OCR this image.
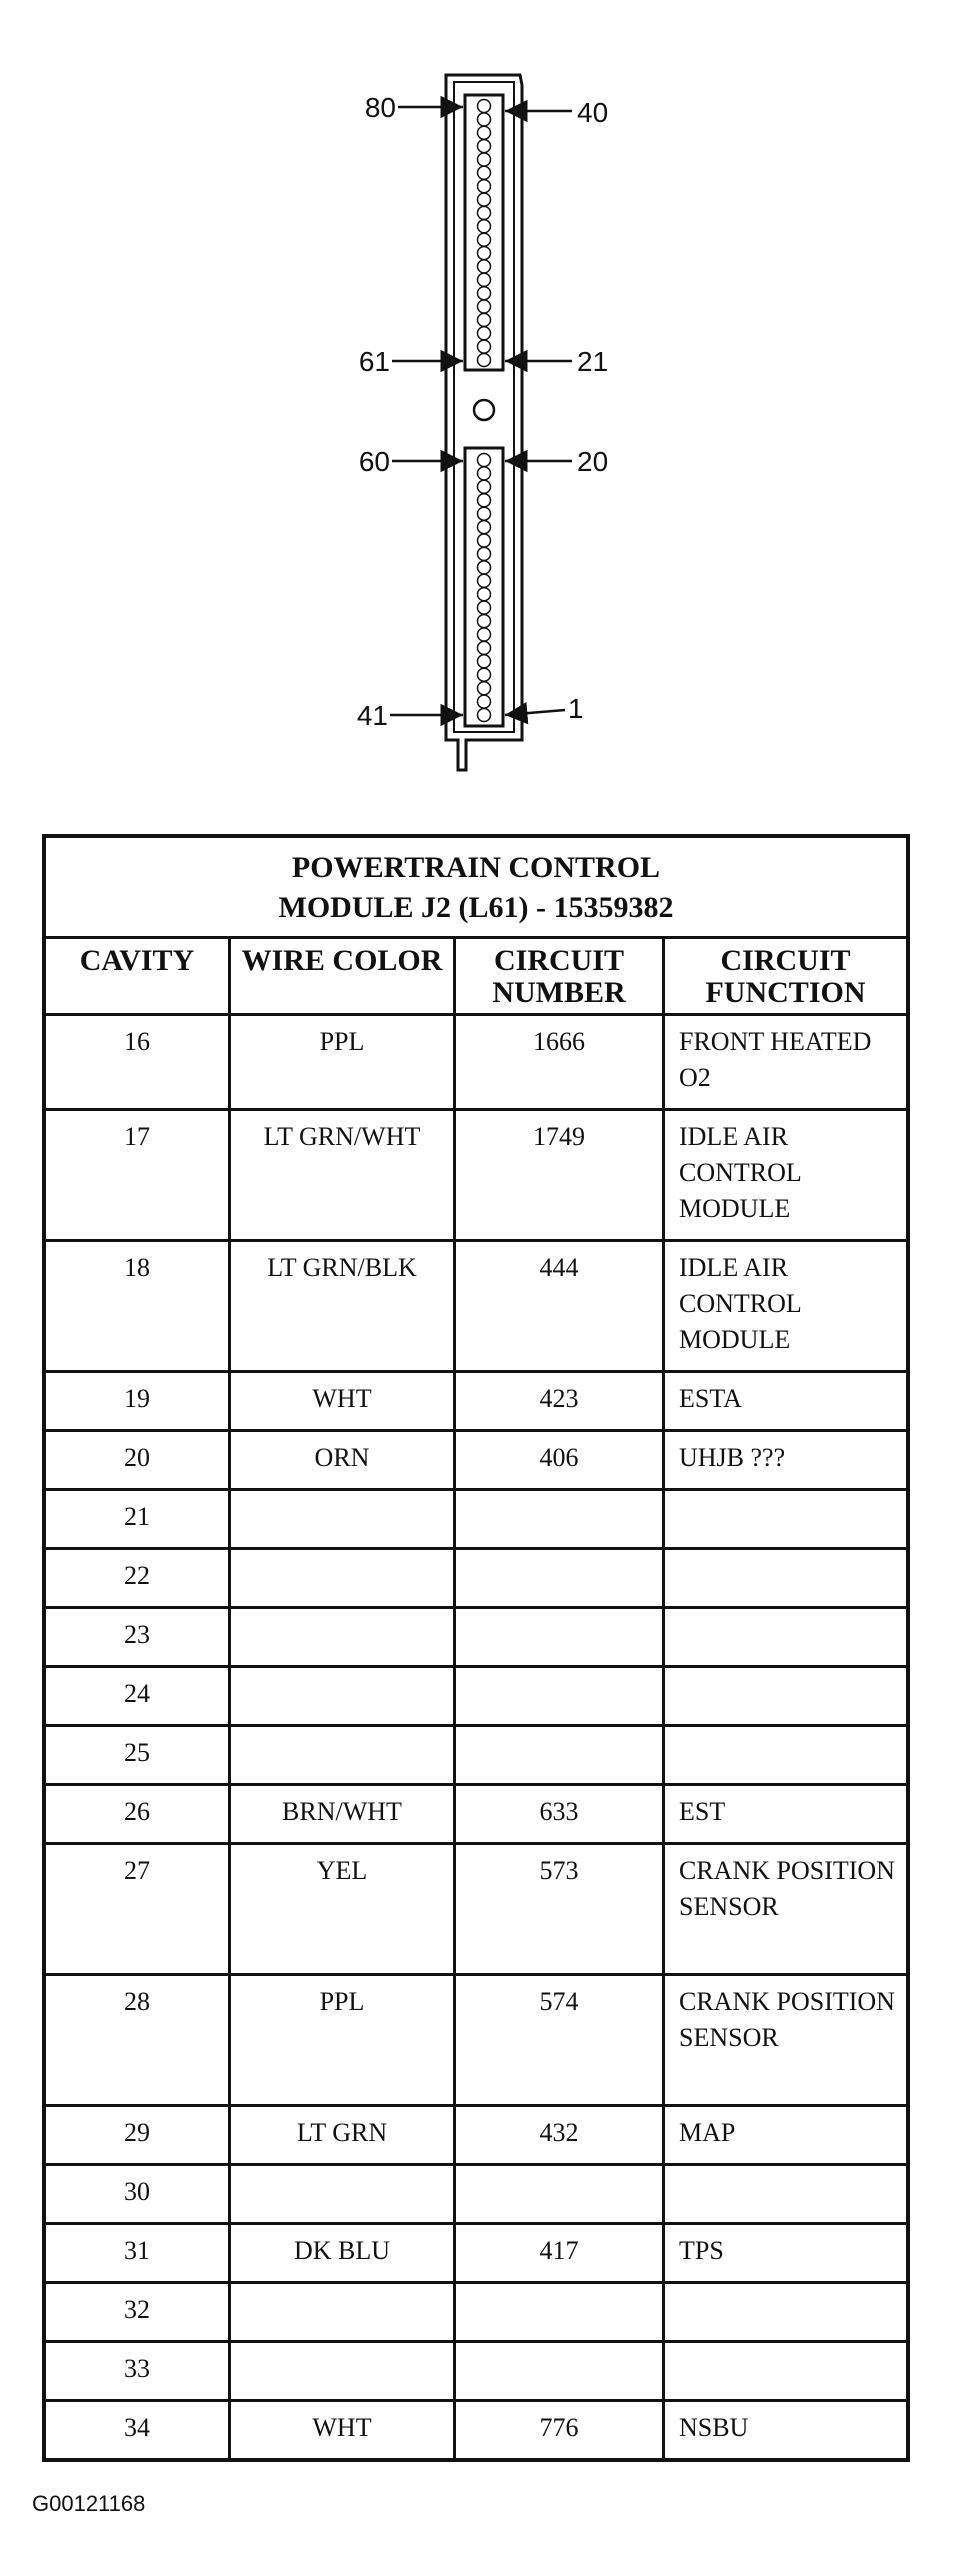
80	40
61	21
60	20
41	1
POWERTRAIN CONTROL
MODULE J2 (L61) - 15359382			

CAVITY	WIRE COLOR	CIRCUIT NUMBER	CIRCUIT FUNCTION
16	PPL	1666	FRONT HEATED O2
17	LT GRN/WHT	1749	IDLE AIR CONTROL MODULE
18	LT GRN/BLK	444	IDLE AIR CONTROL MODULE
19	WHT	423	ESTA
20	ORN	406	UHJB ???
21			
22			
23			
24			
25			
26	BRN/WHT	633	EST
27	YEL	573	CRANK POSITION SENSOR
28	PPL	574	CRANK POSITION SENSOR
29	LT GRN	432	MAP
30			
31	DK BLU	417	TPS
32			
33			
34	WHT	776	NSBU
G00121168
